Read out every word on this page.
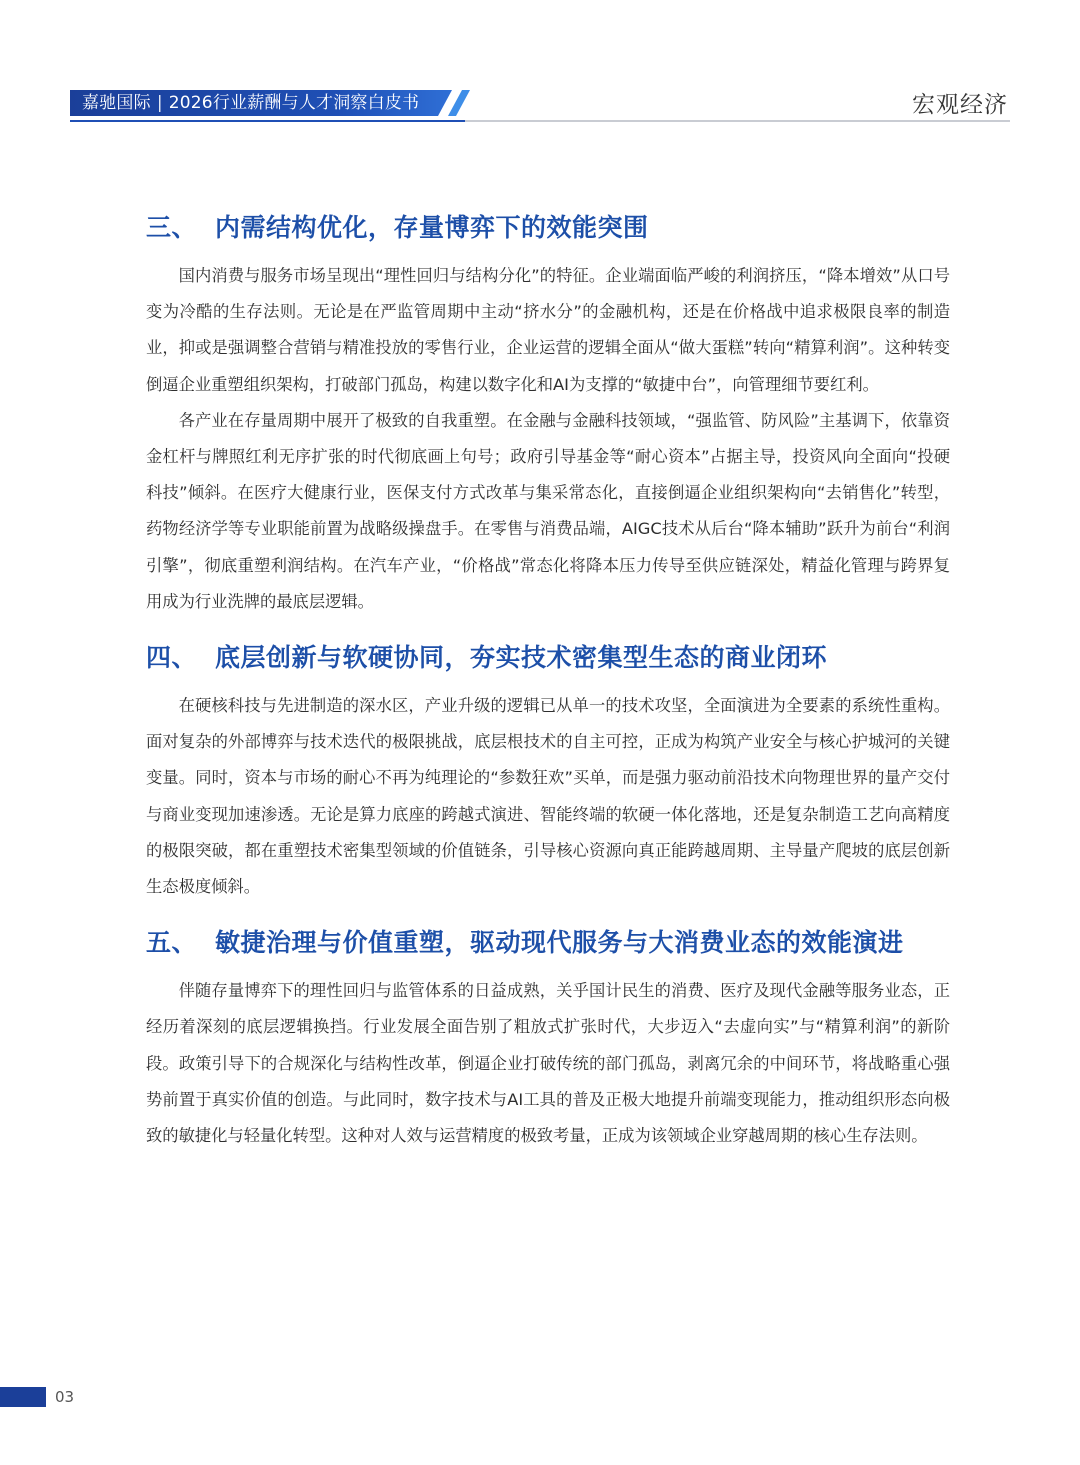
嘉驰国际 | 2026行业薪酬与人才洞察白皮书	宏观经济
三、 内需结构优化，存量博弈下的效能突围

国内消费与服务市场呈现出“理性回归与结构分化”的特征。企业端面临严峻的利润挤压，“降本增效”从口号变为冷酷的生存法则。无论是在严监管周期中主动“挤水分”的金融机构，还是在价格战中追求极限良率的制造业，抑或是强调整合营销与精准投放的零售行业，企业运营的逻辑全面从“做大蛋糕”转向“精算利润”。这种转变倒逼企业重塑组织架构，打破部门孤岛，构建以数字化和AI为支撑的“敏捷中台”，向管理细节要红利。

各产业在存量周期中展开了极致的自我重塑。在金融与金融科技领域，“强监管、防风险”主基调下，依靠资金杠杆与牌照红利无序扩张的时代彻底画上句号；政府引导基金等“耐心资本”占据主导，投资风向全面向“投硬科技”倾斜。在医疗大健康行业，医保支付方式改革与集采常态化，直接倒逼企业组织架构向“去销售化”转型，药物经济学等专业职能前置为战略级操盘手。在零售与消费品端，AIGC技术从后台“降本辅助”跃升为前台“利润引擎”，彻底重塑利润结构。在汽车产业，“价格战”常态化将降本压力传导至供应链深处，精益化管理与跨界复用成为行业洗牌的最底层逻辑。

四、 底层创新与软硬协同，夯实技术密集型生态的商业闭环

在硬核科技与先进制造的深水区，产业升级的逻辑已从单一的技术攻坚，全面演进为全要素的系统性重构。面对复杂的外部博弈与技术迭代的极限挑战，底层根技术的自主可控，正成为构筑产业安全与核心护城河的关键变量。同时，资本与市场的耐心不再为纯理论的“参数狂欢”买单，而是强力驱动前沿技术向物理世界的量产交付与商业变现加速渗透。无论是算力底座的跨越式演进、智能终端的软硬一体化落地，还是复杂制造工艺向高精度的极限突破，都在重塑技术密集型领域的价值链条，引导核心资源向真正能跨越周期、主导量产爬坡的底层创新生态极度倾斜。

五、 敏捷治理与价值重塑，驱动现代服务与大消费业态的效能演进

伴随存量博弈下的理性回归与监管体系的日益成熟，关乎国计民生的消费、医疗及现代金融等服务业态，正经历着深刻的底层逻辑换挡。行业发展全面告别了粗放式扩张时代，大步迈入“去虚向实”与“精算利润”的新阶段。政策引导下的合规深化与结构性改革，倒逼企业打破传统的部门孤岛，剥离冗余的中间环节，将战略重心强势前置于真实价值的创造。与此同时，数字技术与AI工具的普及正极大地提升前端变现能力，推动组织形态向极致的敏捷化与轻量化转型。这种对人效与运营精度的极致考量，正成为该领域企业穿越周期的核心生存法则。

03
